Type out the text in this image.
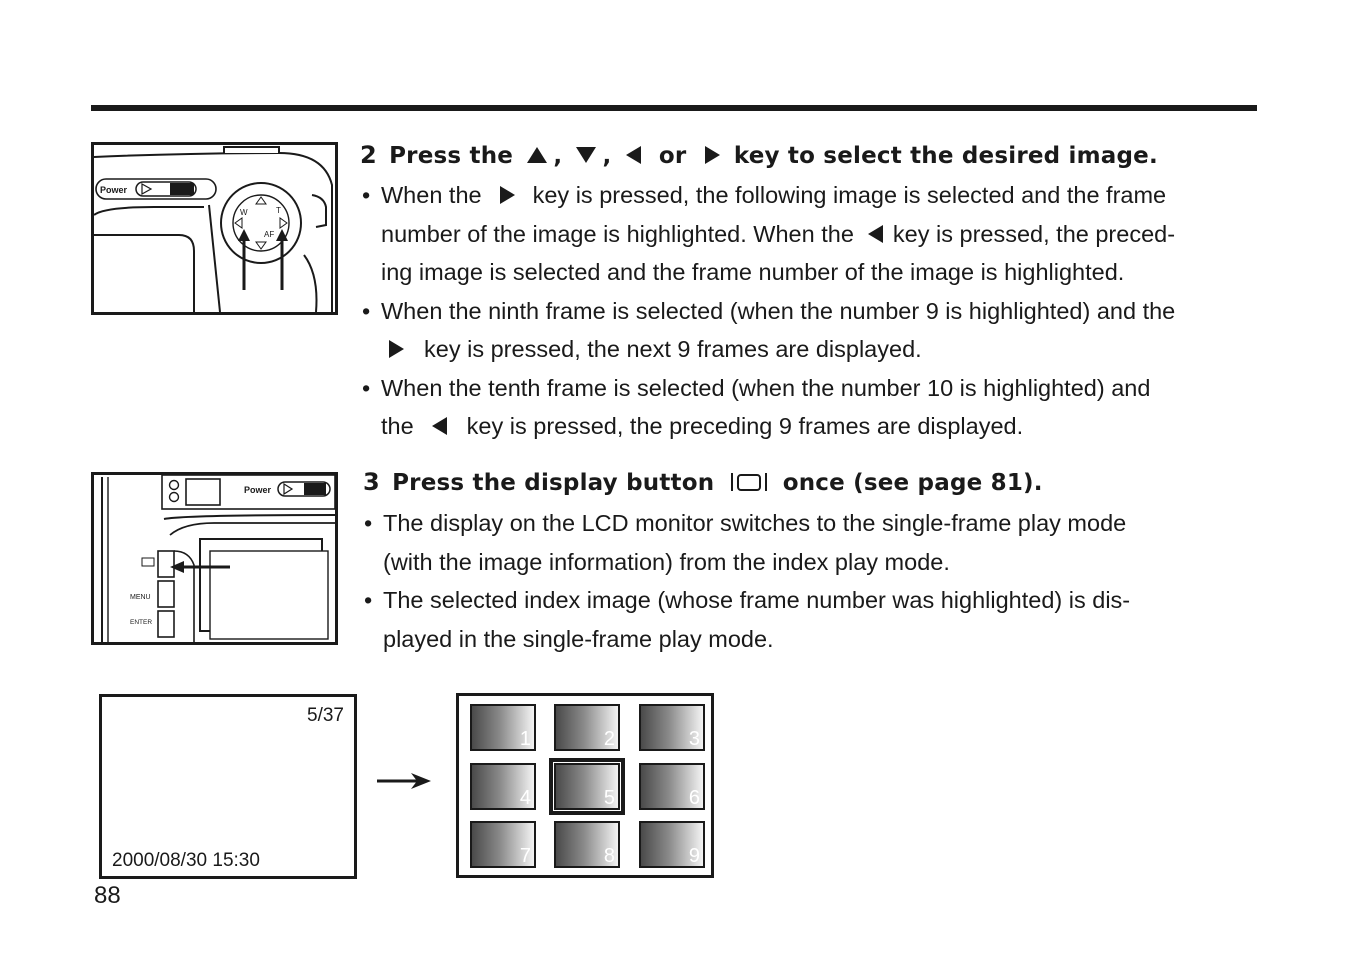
Power
W	T
AF
2 Press the , , or key to select the desired image.
• When the key is pressed, the following image is selected and the frame
number of the image is highlighted. When the key is pressed, the preced-
ing image is selected and the frame number of the image is highlighted.
• When the ninth frame is selected (when the number 9 is highlighted) and the
key is pressed, the next 9 frames are displayed.
• When the tenth frame is selected (when the number 10 is highlighted) and
the key is pressed, the preceding 9 frames are displayed.
Power
MENU
ENTER
3 Press the display button	once (see page 81).
• The display on the LCD monitor switches to the single-frame play mode
(with the image information) from the index play mode.
• The selected index image (whose frame number was highlighted) is dis-
played in the single-frame play mode.
5/37
2000/08/30 15:30
1	2	3
4	5	6
7	8	9
88
